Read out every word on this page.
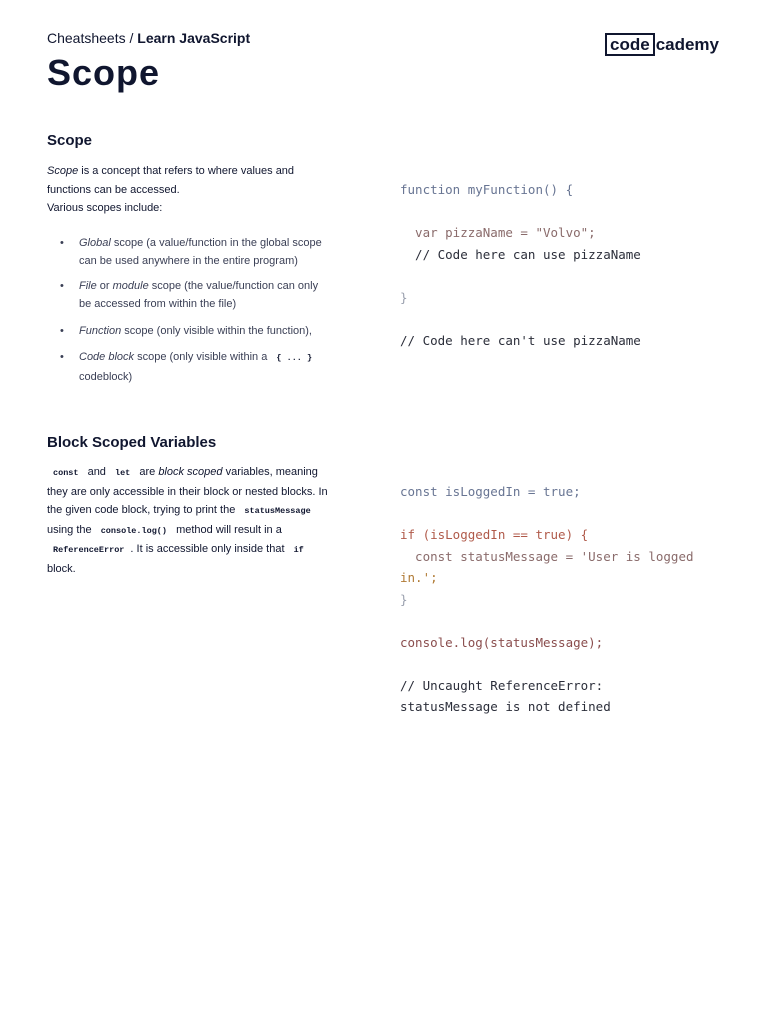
Cheatsheets / Learn JavaScript	code cademy
Scope
Scope

Scope is a concept that refers to where values and functions can be accessed.

Various scopes include:

• Global scope (a value/function in the global scope can be used anywhere in the entire program)
• File or module scope (the value/function can only be accessed from within the file)
• Function scope (only visible within the function),
• Code block scope (only visible within a { ... } codeblock)
function myFunction() {

var pizzaName = "Volvo";
// Code here can use pizzaName

}

// Code here can't use pizzaName
Block Scoped Variables

const and let are block scoped variables, meaning they are only accessible in their block or nested blocks. In the given code block, trying to print the statusMessage using the console.log() method will result in a ReferenceError . It is accessible only inside that if block.

const isLoggedIn = true;

if (isLoggedIn == true) {
const statusMessage = 'User is logged
in.';
}

console.log(statusMessage);

// Uncaught ReferenceError:
statusMessage is not defined
